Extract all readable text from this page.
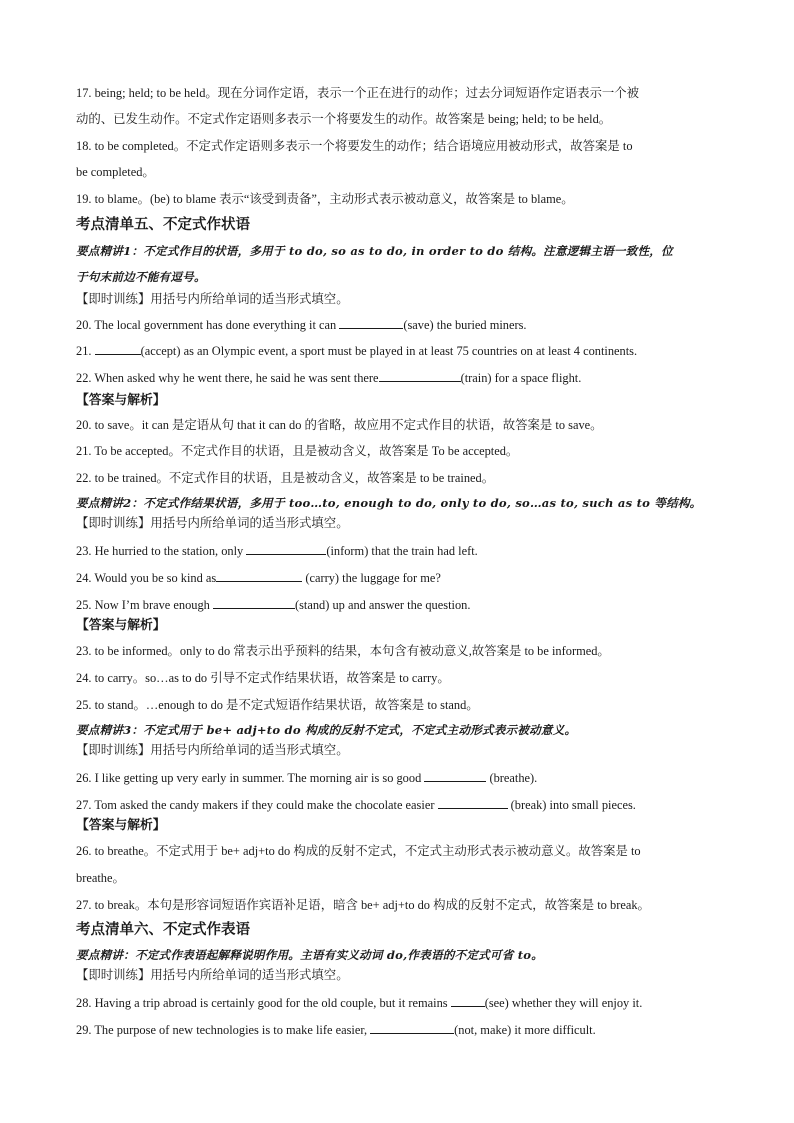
17. being; held; to be held。现在分词作定语，表示一个正在进行的动作；过去分词短语作定语表示一个被
动的、已发生动作。不定式作定语则多表示一个将要发生的动作。故答案是 being; held; to be held。
18. to be completed。不定式作定语则多表示一个将要发生的动作；结合语境应用被动形式，故答案是 to
be completed。
19. to blame。(be) to blame 表示“该受到责备”，主动形式表示被动意义，故答案是 to blame。
考点清单五、不定式作状语
要点精讲1：不定式作目的状语，多用于 to do, so as to do, in order to do 结构。注意逻辑主语一致性，位
于句末前边不能有逗号。
【即时训练】用括号内所给单词的适当形式填空。
20. The local government has done everything it can	(save) the buried miners.
21.	(accept) as an Olympic event, a sport must be played in at least 75 countries on at least 4 continents.
22. When asked why he went there, he said he was sent there	(train) for a space flight.
【答案与解析】
20. to save。it can 是定语从句 that it can do 的省略，故应用不定式作目的状语，故答案是 to save。
21. To be accepted。不定式作目的状语，且是被动含义，故答案是 To be accepted。
22. to be trained。不定式作目的状语，且是被动含义，故答案是 to be trained。
要点精讲2：不定式作结果状语，多用于 too…to, enough to do, only to do, so…as to, such as to 等结构。
【即时训练】用括号内所给单词的适当形式填空。
23. He hurried to the station, only	(inform) that the train had left.
24. Would you be so kind as	(carry) the luggage for me?
25. Now I’m brave enough	(stand) up and answer the question.
【答案与解析】
23. to be informed。only to do 常表示出乎预料的结果，本句含有被动意义,故答案是 to be informed。
24. to carry。so…as to do 引导不定式作结果状语，故答案是 to carry。
25. to stand。…enough to do 是不定式短语作结果状语，故答案是 to stand。
要点精讲3：不定式用于 be+ adj+to do 构成的反射不定式，不定式主动形式表示被动意义。
【即时训练】用括号内所给单词的适当形式填空。
26. I like getting up very early in summer. The morning air is so good	(breathe).
27. Tom asked the candy makers if they could make the chocolate easier	(break) into small pieces.
【答案与解析】
26. to breathe。不定式用于 be+ adj+to do 构成的反射不定式，不定式主动形式表示被动意义。故答案是 to
breathe。
27. to break。本句是形容词短语作宾语补足语，暗含 be+ adj+to do 构成的反射不定式，故答案是 to break。
考点清单六、不定式作表语
要点精讲：不定式作表语起解释说明作用。主语有实义动词 do,作表语的不定式可省 to。
【即时训练】用括号内所给单词的适当形式填空。
28. Having a trip abroad is certainly good for the old couple, but it remains	(see) whether they will enjoy it.
29. The purpose of new technologies is to make life easier,	(not, make) it more difficult.
